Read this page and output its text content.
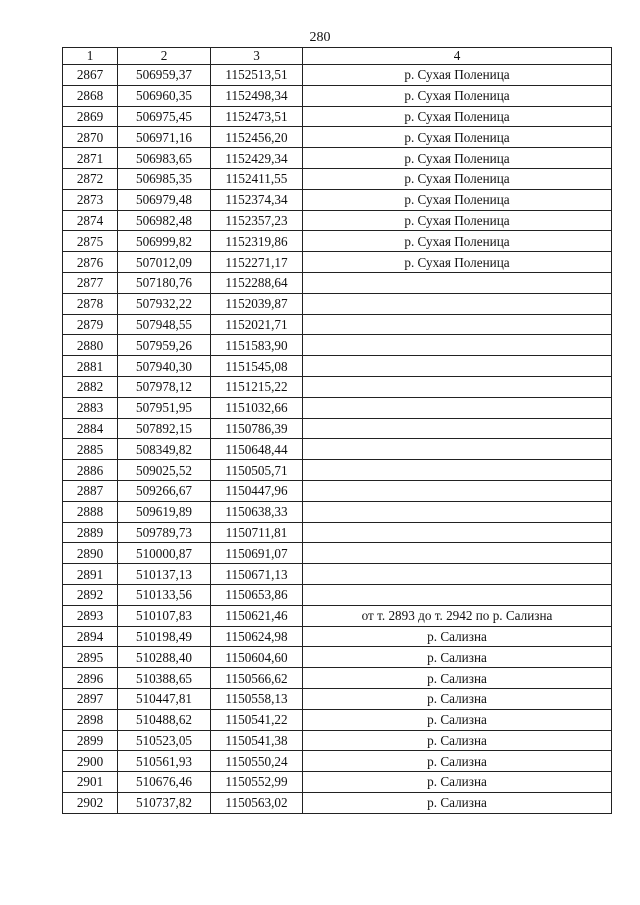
280
1	2	3	4
2867	506959,37	1152513,51	р. Сухая Поленица
2868	506960,35	1152498,34	р. Сухая Поленица
2869	506975,45	1152473,51	р. Сухая Поленица
2870	506971,16	1152456,20	р. Сухая Поленица
2871	506983,65	1152429,34	р. Сухая Поленица
2872	506985,35	1152411,55	р. Сухая Поленица
2873	506979,48	1152374,34	р. Сухая Поленица
2874	506982,48	1152357,23	р. Сухая Поленица
2875	506999,82	1152319,86	р. Сухая Поленица
2876	507012,09	1152271,17	р. Сухая Поленица
2877	507180,76	1152288,64	
2878	507932,22	1152039,87	
2879	507948,55	1152021,71	
2880	507959,26	1151583,90	
2881	507940,30	1151545,08	
2882	507978,12	1151215,22	
2883	507951,95	1151032,66	
2884	507892,15	1150786,39	
2885	508349,82	1150648,44	
2886	509025,52	1150505,71	
2887	509266,67	1150447,96	
2888	509619,89	1150638,33	
2889	509789,73	1150711,81	
2890	510000,87	1150691,07	
2891	510137,13	1150671,13	
2892	510133,56	1150653,86	
2893	510107,83	1150621,46	от т. 2893 до т. 2942 по р. Сализна
2894	510198,49	1150624,98	р. Сализна
2895	510288,40	1150604,60	р. Сализна
2896	510388,65	1150566,62	р. Сализна
2897	510447,81	1150558,13	р. Сализна
2898	510488,62	1150541,22	р. Сализна
2899	510523,05	1150541,38	р. Сализна
2900	510561,93	1150550,24	р. Сализна
2901	510676,46	1150552,99	р. Сализна
2902	510737,82	1150563,02	р. Сализна
